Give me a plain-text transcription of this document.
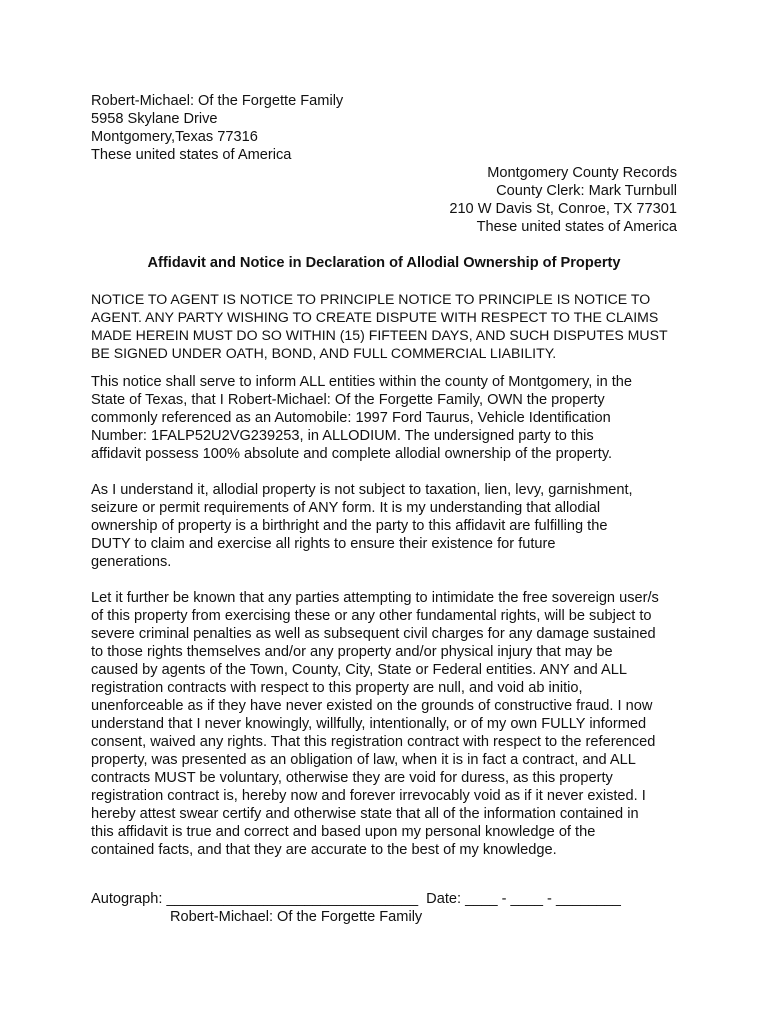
Robert-Michael: Of the Forgette Family
5958 Skylane Drive
Montgomery,Texas 77316
These united states of America
Montgomery County Records
County Clerk: Mark Turnbull
210 W Davis St, Conroe, TX 77301
These united states of America
Affidavit and Notice in Declaration of Allodial Ownership of Property

NOTICE TO AGENT IS NOTICE TO PRINCIPLE NOTICE TO PRINCIPLE IS NOTICE TO
AGENT. ANY PARTY WISHING TO CREATE DISPUTE WITH RESPECT TO THE CLAIMS
MADE HEREIN MUST DO SO WITHIN (15) FIFTEEN DAYS, AND SUCH DISPUTES MUST
BE SIGNED UNDER OATH, BOND, AND FULL COMMERCIAL LIABILITY.

This notice shall serve to inform ALL entities within the county of Montgomery, in the
State of Texas, that I Robert-Michael: Of the Forgette Family, OWN the property
commonly referenced as an Automobile: 1997 Ford Taurus, Vehicle Identification
Number: 1FALP52U2VG239253, in ALLODIUM. The undersigned party to this
affidavit possess 100% absolute and complete allodial ownership of the property.

As I understand it, allodial property is not subject to taxation, lien, levy, garnishment,
seizure or permit requirements of ANY form. It is my understanding that allodial
ownership of property is a birthright and the party to this affidavit are fulfilling the
DUTY to claim and exercise all rights to ensure their existence for future
generations.

Let it further be known that any parties attempting to intimidate the free sovereign user/s
of this property from exercising these or any other fundamental rights, will be subject to
severe criminal penalties as well as subsequent civil charges for any damage sustained
to those rights themselves and/or any property and/or physical injury that may be
caused by agents of the Town, County, City, State or Federal entities. ANY and ALL
registration contracts with respect to this property are null, and void ab initio,
unenforceable as if they have never existed on the grounds of constructive fraud. I now
understand that I never knowingly, willfully, intentionally, or of my own FULLY informed
consent, waived any rights. That this registration contract with respect to the referenced
property, was presented as an obligation of law, when it is in fact a contract, and ALL
contracts MUST be voluntary, otherwise they are void for duress, as this property
registration contract is, hereby now and forever irrevocably void as if it never existed. I
hereby attest swear certify and otherwise state that all of the information contained in
this affidavit is true and correct and based upon my personal knowledge of the
contained facts, and that they are accurate to the best of my knowledge.

Autograph: _______________________________  Date: ____ - ____ - ________
Robert-Michael: Of the Forgette Family
